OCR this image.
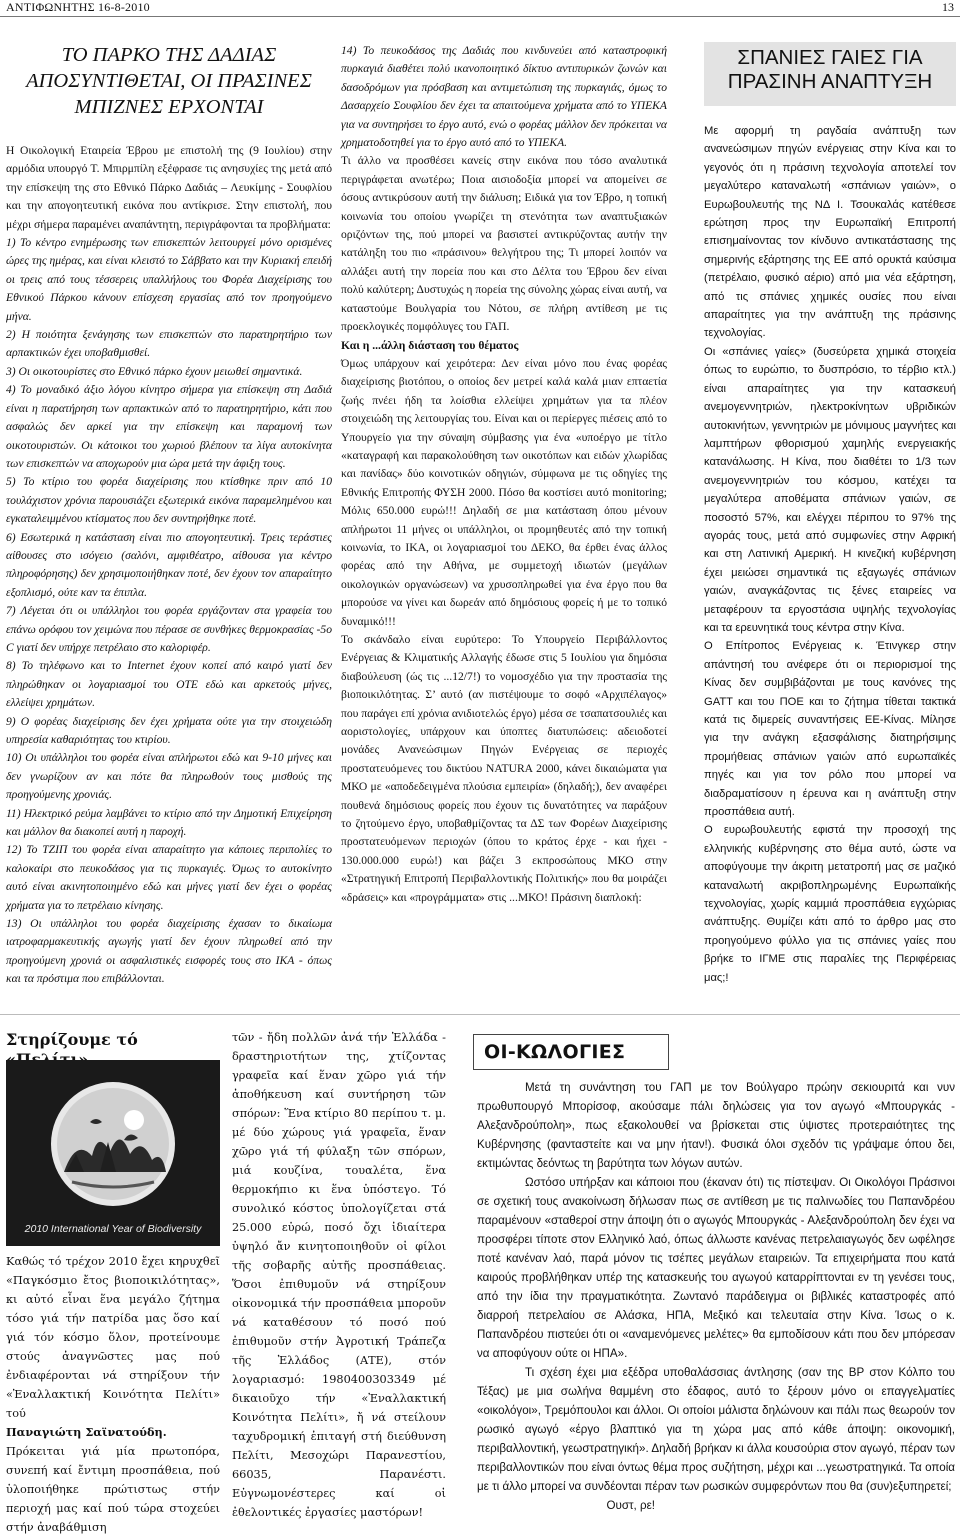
ΑΝΤΙΦΩΝΗΤΗΣ 16-8-2010	13
ΤΟ ΠΑΡΚΟ ΤΗΣ ΔΑΔΙΑΣ ΑΠΟΣΥΝΤΙΘΕΤΑΙ, ΟΙ ΠΡΑΣΙΝΕΣ ΜΠΙΖΝΕΣ ΕΡΧΟΝΤΑΙ

Η Οικολογική Εταιρεία Έβρου με επιστολή της (9 Ιουλίου) στην αρμόδια υπουργό Τ. Μπιρμπίλη εξέφρασε τις ανησυχίες της μετά από την επίσκεψη της στο Εθνικό Πάρκο Δαδιάς – Λευκίμης - Σουφλίου και την απογοητευτική εικόνα που αντίκρισε. Στην επιστολή, που μέχρι σήμερα παραμένει αναπάντητη, περιγράφονται τα προβλήματα:

1) Το κέντρο ενημέρωσης των επισκεπτών λειτουργεί μόνο ορισμένες ώρες της ημέρας, και είναι κλειστό το Σάββατο και την Κυριακή επειδή οι τρεις από τους τέσσερεις υπαλλήλους του Φορέα Διαχείρισης του Εθνικού Πάρκου κάνουν επίσχεση εργασίας από τον προηγούμενο μήνα.

2) Η ποιότητα ξενάγησης των επισκεπτών στο παρατηρητήριο των αρπακτικών έχει υποβαθμισθεί.

3) Οι οικοτουρίστες στο Εθνικό πάρκο έχουν μειωθεί σημαντικά.

4) Το μοναδικό άξιο λόγου κίνητρο σήμερα για επίσκεψη στη Δαδιά είναι η παρατήρηση των αρπακτικών από το παρατηρητήριο, κάτι που ασφαλώς δεν αρκεί για την επίσκεψη και παραμονή των οικοτουριστών. Οι κάτοικοι του χωριού βλέπουν τα λίγα αυτοκίνητα των επισκεπτών να αποχωρούν μια ώρα μετά την άφιξη τους.

5) Το κτίριο του φορέα διαχείρισης που κτίσθηκε πριν από 10 τουλάχιστον χρόνια παρουσιάζει εξωτερικά εικόνα παραμελημένου και εγκαταλειμμένου κτίσματος που δεν συντηρήθηκε ποτέ.

6) Εσωτερικά η κατάσταση είναι πιο απογοητευτική. Τρεις τεράστιες αίθουσες στο ισόγειο (σαλόνι, αμφιθέατρο, αίθουσα για κέντρο πληροφόρησης) δεν χρησιμοποιήθηκαν ποτέ, δεν έχουν τον απαραίτητο εξοπλισμό, ούτε καν τα έπιπλα.

7) Λέγεται ότι οι υπάλληλοι του φορέα εργάζονταν στα γραφεία του επάνω ορόφου τον χειμώνα που πέρασε σε συνθήκες θερμοκρασίας -5ο C γιατί δεν υπήρχε πετρέλαιο στο καλοριφέρ.

8) Το τηλέφωνο και το Internet έχουν κοπεί από καιρό γιατί δεν πληρώθηκαν οι λογαριασμοί του ΟΤΕ εδώ και αρκετούς μήνες, ελλείψει χρημάτων.

9) Ο φορέας διαχείρισης δεν έχει χρήματα ούτε για την στοιχειώδη υπηρεσία καθαριότητας του κτιρίου.

10) Οι υπάλληλοι του φορέα είναι απλήρωτοι εδώ και 9-10 μήνες και δεν γνωρίζουν αν και πότε θα πληρωθούν τους μισθούς της προηγούμενης χρονιάς.

11) Ηλεκτρικό ρεύμα λαμβάνει το κτίριο από την Δημοτική Επιχείρηση και μάλλον θα διακοπεί αυτή η παροχή.

12) Το ΤΖΙΠ του φορέα είναι απαραίτητο για κάποιες περιπολίες το καλοκαίρι στο πευκοδάσος για τις πυρκαγιές. Όμως το αυτοκίνητο αυτό είναι ακινητοποιημένο εδώ και μήνες γιατί δεν έχει ο φορέας χρήματα για το πετρέλαιο κίνησης.

13) Οι υπάλληλοι του φορέα διαχείρισης έχασαν το δικαίωμα ιατροφαρμακευτικής αγωγής γιατί δεν έχουν πληρωθεί από την προηγούμενη χρονιά οι ασφαλιστικές εισφορές τους στο ΙΚΑ - όπως και τα πρόστιμα που επιβάλλονται.

14) Το πευκοδάσος της Δαδιάς που κινδυνεύει από καταστροφική πυρκαγιά διαθέτει πολύ ικανοποιητικό δίκτυο αντιπυρικών ζωνών και δασοδρόμων για πρόσβαση και αντιμετώπιση της πυρκαγιάς, όμως το Δασαρχείο Σουφλίου δεν έχει τα απαιτούμενα χρήματα από το ΥΠΕΚΑ για να συντηρήσει το έργο αυτό, ενώ ο φορέας μάλλον δεν πρόκειται να χρηματοδοτηθεί για το έργο αυτό από το ΥΠΕΚΑ.

Τι άλλο να προσθέσει κανείς στην εικόνα που τόσο αναλυτικά περιγράφεται ανωτέρω; Ποια αισιοδοξία μπορεί να απομείνει σε όσους αντικρύσουν αυτή την διάλυση; Ειδικά για τον Έβρο, η τοπική κοινωνία του οποίου γνωρίζει τη στενότητα των αναπτυξιακών οριζόντων της, πού μπορεί να βασιστεί αντικρύζοντας αυτήν την κατάληξη του πιο «πράσινου» θελγήτρου της; Τι μπορεί λοιπόν να αλλάξει αυτή την πορεία που και στο Δέλτα του Έβρου δεν είναι πολύ καλύτερη; Δυστυχώς η πορεία της σύνολης χώρας είναι αυτή, να καταστούμε Βουλγαρία του Νότου, σε πλήρη αντίθεση με τις προεκλογικές πομφόλυγες του ΓΑΠ.

Και η ...άλλη διάσταση του θέματος

Όμως υπάρχουν καί χειρότερα: Δεν είναι μόνο που ένας φορέας διαχείρισης βιοτόπου, ο οποίος δεν μετρεί καλά καλά μιαν επταετία ζωής πνέει ήδη τα λοίσθια ελλείψει χρημάτων για τα πλέον στοιχειώδη της λειτουργίας του. Είναι και οι περίεργες πιέσεις από το Υπουργείο για την σύναψη σύμβασης για ένα «υποέργο με τίτλο «καταγραφή και παρακολούθηση των οικοτόπων και ειδών χλωρίδας και πανίδας» δύο κοινοτικών οδηγιών, σύμφωνα με τις οδηγίες της Εθνικής Επιτροπής ΦΥΣΗ 2000. Πόσο θα κοστίσει αυτό monitoring; Μόλις 650.000 ευρώ!!! Δηλαδή σε μια κατάσταση όπου μένουν απλήρωτοι 11 μήνες οι υπάλληλοι, οι προμηθευτές από την τοπική κοινωνία, το ΙΚΑ, οι λογαριασμοί του ΔΕΚΟ, θα έρθει ένας άλλος φορέας από την Αθήνα, με συμμετοχή ιδιωτών (μεγάλων οικολογικών οργανώσεων) να χρυσοπληρωθεί για ένα έργο που θα μπορούσε να γίνει και δωρεάν από δημόσιους φορείς ή με το τοπικό δυναμικό!!!

Το σκάνδαλο είναι ευρύτερο: Το Υπουργείο Περιβάλλοντος Ενέργειας & Κλιματικής Αλλαγής έδωσε στις 5 Ιουλίου για δημόσια διαβούλευση (ώς τις ...12/7!) το νομοσχέδιο για την προστασία της βιοποικιλότητας. Σ’ αυτό (αν πιστέψουμε το σοφό «Αρχιπέλαγος» που παράγει επί χρόνια ανιδιοτελώς έργο) μέσα σε τσαπατσουλιές και αοριστολογίες, υπάρχουν και ύποπτες διατυπώσεις: αδειοδοτεί μονάδες Ανανεώσιμων Πηγών Ενέργειας σε περιοχές προστατευόμενες του δικτύου NATURA 2000, κάνει δικαιώματα για ΜΚΟ με «αποδεδειγμένα πλούσια εμπειρία» (δηλαδή;), δεν αναφέρει πουθενά δημόσιους φορείς που έχουν τις δυνατότητες να παράξουν το ζητούμενο έργο, υποβαθμίζοντας τα ΔΣ των Φορέων Διαχείρισης προστατευόμενων περιοχών (όπου το κράτος έρχε - και ήχει - 130.000.000 ευρώ!) και βάζει 3 εκπροσώπους ΜΚΟ στην «Στρατηγική Επιτροπή Περιβαλλοντικής Πολιτικής» που θα μοιράζει «δράσεις» και «προγράμματα» στις ...ΜΚΟ! Πράσινη διαπλοκή:

ΣΠΑΝΙΕΣ ΓΑΙΕΣ ΓΙΑ ΠΡΑΣΙΝΗ ΑΝΑΠΤΥΞΗ

Με αφορμή τη ραγδαία ανάπτυξη των ανανεώσιμων πηγών ενέργειας στην Κίνα και το γεγονός ότι η πράσινη τεχνολογία αποτελεί τον μεγαλύτερο καταναλωτή «σπάνιων γαιών», ο Ευρωβουλευτής της ΝΔ Ι. Τσουκαλάς κατέθεσε ερώτηση προς την Ευρωπαϊκή Επιτροπή επισημαίνοντας τον κίνδυνο αντικατάστασης της σημερινής εξάρτησης της ΕΕ από ορυκτά καύσιμα (πετρέλαιο, φυσικό αέριο) από μια νέα εξάρτηση, από τις σπάνιες χημικές ουσίες που είναι απαραίτητες για την ανάπτυξη της πράσινης τεχνολογίας.

Οι «σπάνιες γαίες» (δυσεύρετα χημικά στοιχεία όπως το ευρώπιο, το δυσπρόσιο, το τέρβιο κτλ.) είναι απαραίτητες για την κατασκευή ανεμογεννητριών, ηλεκτροκίνητων υβριδικών αυτοκινήτων, γεννητριών με μόνιμους μαγνήτες και λαμπτήρων φθορισμού χαμηλής ενεργειακής κατανάλωσης. Η Κίνα, που διαθέτει το 1/3 των ανεμογεννητριών του κόσμου, κατέχει τα μεγαλύτερα αποθέματα σπάνιων γαιών, σε ποσοστό 57%, και ελέγχει πέριπου το 97% της αγοράς τους, μετά από συμφωνίες στην Αφρική και στη Λατινική Αμερική. Η κινεζική κυβέρνηση έχει μειώσει σημαντικά τις εξαγωγές σπάνιων γαιών, αναγκάζοντας τις ξένες εταιρείες να μεταφέρουν τα εργοστάσια υψηλής τεχνολογίας και τα ερευνητικά τους κέντρα στην Κίνα.

Ο Επίτροπος Ενέργειας κ. Έτινγκερ στην απάντησή του ανέφερε ότι οι περιορισμοί της Κίνας δεν συμβιβάζονται με τους κανόνες της GATT και του ΠΟΕ και το ζήτημα τίθεται τακτικά κατά τις διμερείς συναντήσεις ΕΕ-Κίνας. Μίλησε για την ανάγκη εξασφάλισης διατηρήσιμης προμήθειας σπάνιων γαιών από ευρωπαϊκές πηγές και για τον ρόλο που μπορεί να διαδραματίσουν η έρευνα και η ανάπτυξη στην προσπάθεια αυτή.

Ο ευρωβουλευτής εφιστά την προσοχή της ελληνικής κυβέρνησης στο θέμα αυτό, ώστε να αποφύγουμε την άκριτη μετατροπή μας σε μαζικό καταναλωτή ακριβοπληρωμένης Ευρωπαϊκής τεχνολογίας, χωρίς καμμιά προσπάθεια εγχώριας ανάπτυξης. Θυμίζει κάτι από το άρθρο μας στο προηγούμενο φύλλο για τις σπάνιες γαίες που βρήκε το ΙΓΜΕ στις παραλίες της Περιφέρειας μας;!

Στηρίζουμε τό
2010 International Year of Biodiversity

Καθώς τό τρέχον 2010 ἔχει κηρυχθεῖ «Παγκόσμιο ἔτος βιοποικιλότητας», κι αὐτό εἶναι ἕνα μεγάλο ζήτημα τόσο γιά τήν πατρίδα μας ὅσο καί γιά τόν κόσμο ὅλον, προτείνουμε στούς ἀναγνῶστες μας πού ἐνδιαφέρονται νά στηρίξουν τήν «Ἐναλλακτική Κοινότητα Πελίτι» τού

Παναγιώτη Σαϊνατούδη.

Πρόκειται γιά μία πρωτοπόρα, συνεπή καί ἔντιμη προσπάθεια, πού ὑλοποιήθηκε πρώτιστως στήν περιοχή μας καί πού τώρα στοχεύει στήν ἀναβάθμιση

τῶν - ἤδη πολλῶν ἀνά τήν Ἑλλάδα - δραστηριοτήτων της, χτίζοντας γραφεῖα καί ἕναν χῶρο γιά τήν ἀποθήκευση καί συντήρηση τῶν σπόρων: Ἕνα κτίριο 80 περίπου τ. μ. μέ δύο χώρους γιά γραφεῖα, ἕναν χῶρο γιά τή φύλαξη τῶν σπόρων, μιά κουζίνα, τουαλέτα, ἕνα θερμοκήπιο κι ἕνα ὑπόστεγο. Τό συνολικό κόστος ὑπολογίζεται στά 25.000 εὐρώ, ποσό ὄχι ἰδιαίτερα ὑψηλό ἄν κινητοποιηθοῦν οἱ φίλοι τῆς σοβαρῆς αὐτῆς προσπάθειας. Ὅσοι ἐπιθυμοῦν νά στηρίξουν οἰκονομικά τήν προσπάθεια μποροῦν νά καταθέσουν τό ποσό πού ἐπιθυμοῦν στήν Ἀγροτική Τράπεζα τῆς Ἑλλάδος (ΑΤΕ), στόν λογαριασμό: 1980400303349 μέ δικαιοῦχο τήν «Ἐναλλακτική Κοινότητα Πελίτι», ἤ νά στείλουν ταχυδρομική ἐπιταγή στή διεύθυνση Πελίτι, Μεσοχώρι Παρανεστίου, 66035, Παρανέστι. Εὐγνωμονέστερες καί οἱ ἐθελοντικές ἐργασίες μαστόρων!

ΟΙ-ΚΩΛΟΓΙΕΣ

Μετά τη συνάντηση του ΓΑΠ με τον Βούλγαρο πρώην σεκιουριτά και νυν πρωθυπουργό Μπορίσοφ, ακούσαμε πάλι δηλώσεις για τον αγωγό «Μπουργκάς - Αλεξανδρούπολη», πως εξακολουθεί να βρίσκεται στις ύψιστες προτεραιότητες της Κυβέρνησης (φανταστείτε και να μην ήταν!). Φυσικά όλοι σχεδόν τις γράψαμε όπου δει, εκτιμώντας δεόντως τη βαρύτητα των λόγων αυτών.

Ωστόσο υπήρξαν και κάποιοι που (έκαναν ότι) τις πίστεψαν. Οι Οικολόγοι Πράσινοι σε σχετική τους ανακοίνωση δήλωσαν πως σε αντίθεση με τις παλινωδίες του Παπανδρέου παραμένουν «σταθεροί στην άποψη ότι ο αγωγός Μπουργκάς - Αλεξανδρούπολη δεν έχει να προσφέρει τίποτε στον Ελληνικό λαό, όπως άλλωστε κανένας πετρελαιαγωγός δεν ωφέλησε ποτέ κανέναν λαό, παρά μόνον τις τσέπες μεγάλων εταιρειών. Τα επιχειρήματα που κατά καιρούς προβλήθηκαν υπέρ της κατασκευής του αγωγού καταρρίπτονται εν τη γενέσει τους, από την ίδια την πραγματικότητα. Ζωντανό παράδειγμα οι βιβλικές καταστροφές από διαρροή πετρελαίου σε Αλάσκα, ΗΠΑ, Μεξικό και τελευταία στην Κίνα. Ίσως ο κ. Παπανδρέου πιστεύει ότι οι «αναμενόμενες μελέτες» θα εμποδίσουν κάτι που δεν μπόρεσαν να αποφύγουν ούτε οι ΗΠΑ».

Τι σχέση έχει μια εξέδρα υποθαλάσσιας άντλησης (σαν της BP στον Κόλπο του Τέξας) με μια σωλήνα θαμμένη στο έδαφος, αυτό το ξέρουν μόνο οι επαγγελματίες «οικολόγοι», Τρεμόπουλοι και άλλοι. Οι οποίοι μάλιστα δηλώνουν και πάλι πως θεωρούν τον ρωσικό αγωγό «έργο βλαπτικό για τη χώρα μας από κάθε άποψη: οικονομική, περιβαλλοντική, γεωστρατηγική». Δηλαδή βρήκαν κι άλλα κουσούρια στον αγωγό, πέραν των περιβαλλοντικών που είναι όντως θέμα προς συζήτηση, μέχρι και ...γεωστρατηγικά. Τα οποία με τι άλλο μπορεί να συνδέονται πέραν των ρωσικών συμφερόντων που θα (συν)εξυπηρετεί;

Ουστ, ρε!
